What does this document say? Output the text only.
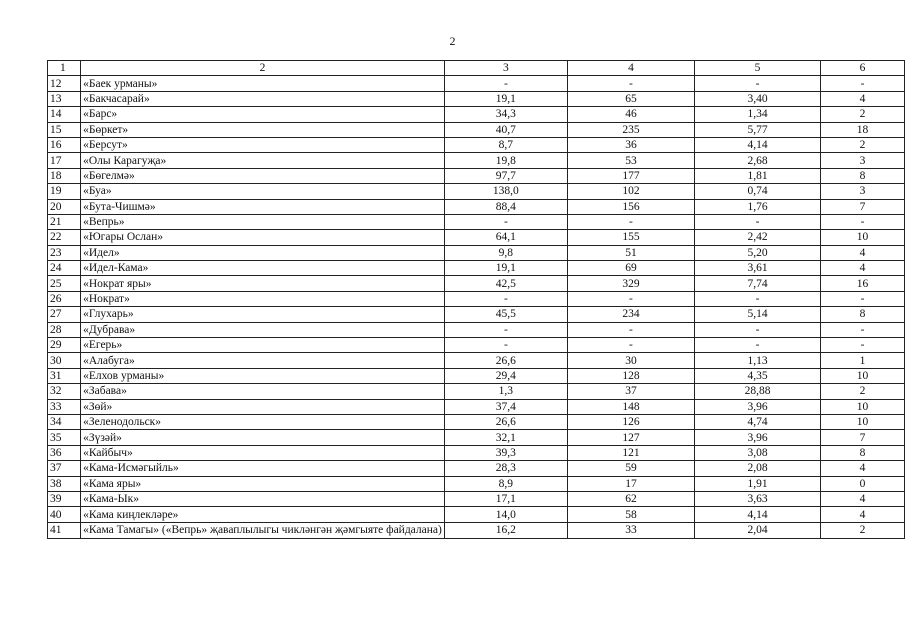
2
1	2	3	4	5	6
12	«Баек урманы»	-	-	-	-
13	«Бакчасарай»	19,1	65	3,40	4
14	«Барс»	34,3	46	1,34	2
15	«Бөркет»	40,7	235	5,77	18
16	«Берсут»	8,7	36	4,14	2
17	«Олы Карагуҗа»	19,8	53	2,68	3
18	«Бөгелмә»	97,7	177	1,81	8
19	«Буа»	138,0	102	0,74	3
20	«Бута-Чишмә»	88,4	156	1,76	7
21	«Вепрь»	-	-	-	-
22	«Югары Ослан»	64,1	155	2,42	10
23	«Идел»	9,8	51	5,20	4
24	«Идел-Кама»	19,1	69	3,61	4
25	«Нократ яры»	42,5	329	7,74	16
26	«Нократ»	-	-	-	-
27	«Глухарь»	45,5	234	5,14	8
28	«Дубрава»	-	-	-	-
29	«Егерь»	-	-	-	-
30	«Алабуга»	26,6	30	1,13	1
31	«Елхов урманы»	29,4	128	4,35	10
32	«Забава»	1,3	37	28,88	2
33	«Зөй»	37,4	148	3,96	10
34	«Зеленодольск»	26,6	126	4,74	10
35	«Зүзәй»	32,1	127	3,96	7
36	«Кайбыч»	39,3	121	3,08	8
37	«Кама-Исмәгыйль»	28,3	59	2,08	4
38	«Кама яры»	8,9	17	1,91	0
39	«Кама-Ык»	17,1	62	3,63	4
40	«Кама киңлекләре»	14,0	58	4,14	4
41	«Кама Тамагы» («Вепрь» җаваплылыгы чикләнгән җәмгыяте файдалана)	16,2	33	2,04	2
